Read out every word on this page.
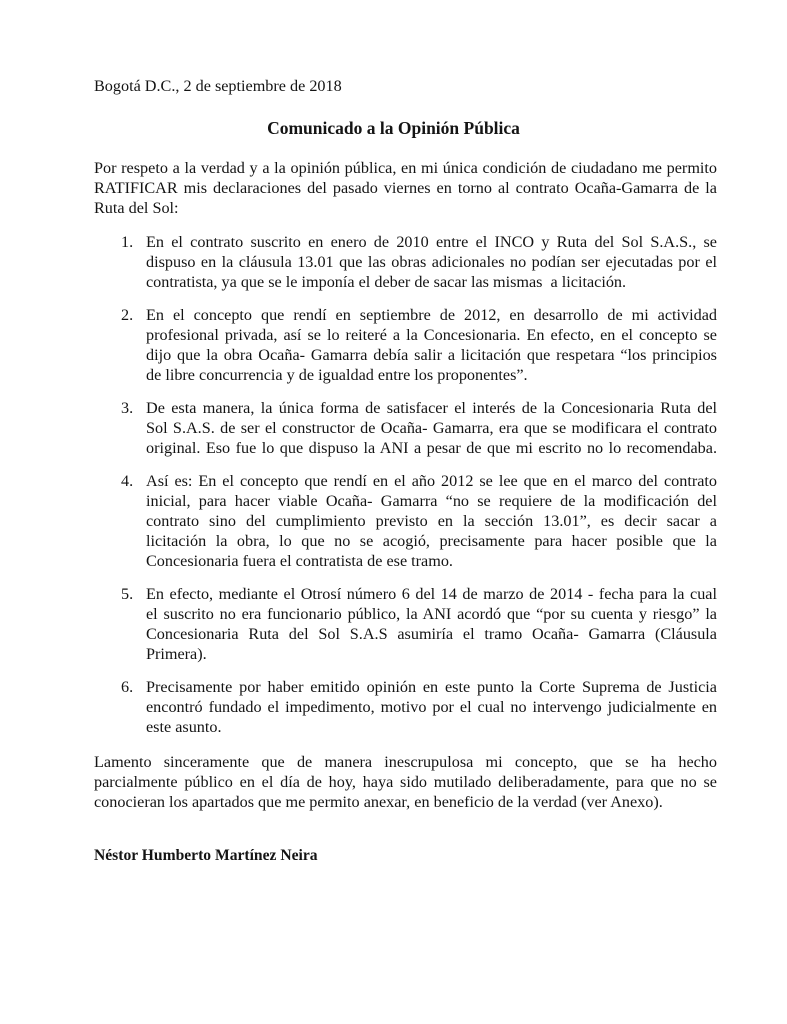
Bogotá D.C., 2 de septiembre de 2018
Comunicado a la Opinión Pública
Por respeto a la verdad y a la opinión pública, en mi única condición de ciudadano me permito
RATIFICAR mis declaraciones del pasado viernes en torno al contrato Ocaña-Gamarra de la
Ruta del Sol:
1. En el contrato suscrito en enero de 2010 entre el INCO y Ruta del Sol S.A.S., se
dispuso en la cláusula 13.01 que las obras adicionales no podían ser ejecutadas por el
contratista, ya que se le imponía el deber de sacar las mismas  a licitación.
2. En el concepto que rendí en septiembre de 2012, en desarrollo de mi actividad
profesional privada, así se lo reiteré a la Concesionaria. En efecto, en el concepto se
dijo que la obra Ocaña- Gamarra debía salir a licitación que respetara “los principios
de libre concurrencia y de igualdad entre los proponentes”.
3. De esta manera, la única forma de satisfacer el interés de la Concesionaria Ruta del
Sol S.A.S. de ser el constructor de Ocaña- Gamarra, era que se modificara el contrato
original. Eso fue lo que dispuso la ANI a pesar de que mi escrito no lo recomendaba.
4. Así es: En el concepto que rendí en el año 2012 se lee que en el marco del contrato
inicial, para hacer viable Ocaña- Gamarra “no se requiere de la modificación del
contrato sino del cumplimiento previsto en la sección 13.01”, es decir sacar a
licitación la obra, lo que no se acogió, precisamente para hacer posible que la
Concesionaria fuera el contratista de ese tramo.
5. En efecto, mediante el Otrosí número 6 del 14 de marzo de 2014 - fecha para la cual
el suscrito no era funcionario público, la ANI acordó que “por su cuenta y riesgo” la
Concesionaria Ruta del Sol S.A.S asumiría el tramo Ocaña- Gamarra (Cláusula
Primera).
6. Precisamente por haber emitido opinión en este punto la Corte Suprema de Justicia
encontró fundado el impedimento, motivo por el cual no intervengo judicialmente en
este asunto.
Lamento sinceramente que de manera inescrupulosa mi concepto, que se ha hecho
parcialmente público en el día de hoy, haya sido mutilado deliberadamente, para que no se
conocieran los apartados que me permito anexar, en beneficio de la verdad (ver Anexo).
Néstor Humberto Martínez Neira
